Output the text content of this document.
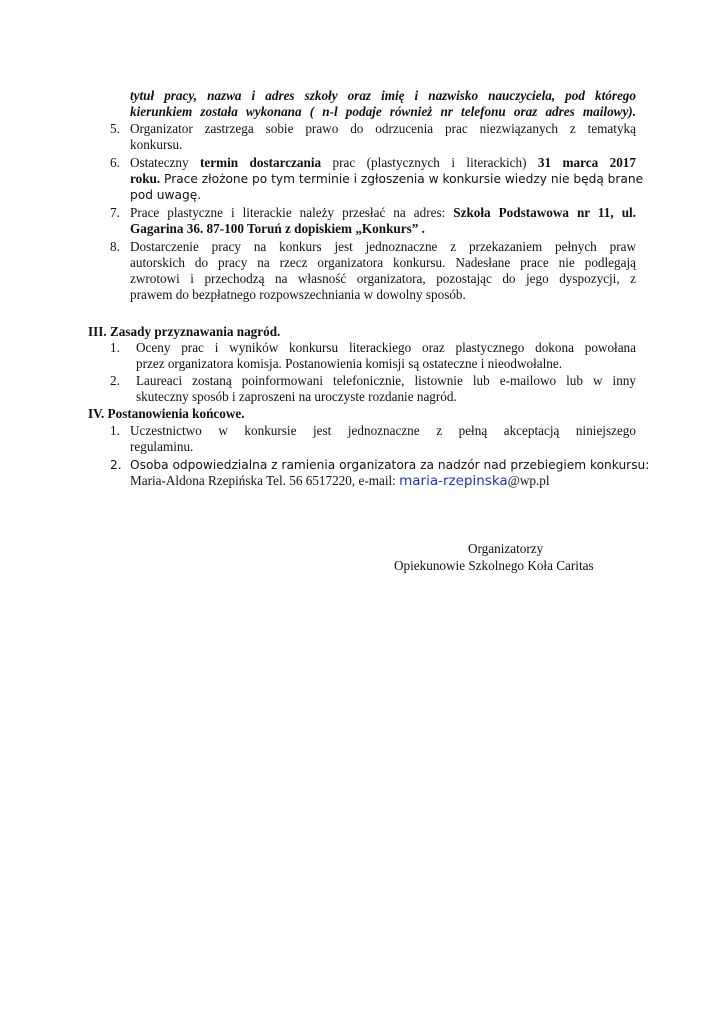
tytuł pracy, nazwa i adres szkoły oraz imię i nazwisko nauczyciela, pod którego
kierunkiem została wykonana ( n-l podaje również nr telefonu oraz adres mailowy).
5. Organizator zastrzega sobie prawo do odrzucenia prac niezwiązanych z tematyką
konkursu.
6. Ostateczny termin dostarczania prac (plastycznych i literackich) 31 marca 2017
roku. Prace złożone po tym terminie i zgłoszenia w konkursie wiedzy nie będą brane
pod uwagę.
7. Prace plastyczne i literackie należy przesłać na adres: Szkoła Podstawowa nr 11, ul.
Gagarina 36. 87-100 Toruń z dopiskiem „Konkurs” .
8. Dostarczenie pracy na konkurs jest jednoznaczne z przekazaniem pełnych praw
autorskich do pracy na rzecz organizatora konkursu. Nadesłane prace nie podlegają
zwrotowi i przechodzą na własność organizatora, pozostając do jego dyspozycji, z
prawem do bezpłatnego rozpowszechniania w dowolny sposób.
III. Zasady przyznawania nagród.
1. Oceny prac i wyników konkursu literackiego oraz plastycznego dokona powołana
przez organizatora komisja. Postanowienia komisji są ostateczne i nieodwołalne.
2. Laureaci zostaną poinformowani telefonicznie, listownie lub e-mailowo lub w inny
skuteczny sposób i zaproszeni na uroczyste rozdanie nagród.
IV. Postanowienia końcowe.
1. Uczestnictwo w konkursie jest jednoznaczne z pełną akceptacją niniejszego
regulaminu.
2. Osoba odpowiedzialna z ramienia organizatora za nadzór nad przebiegiem konkursu:
Maria-Aldona Rzepińska Tel. 56 6517220, e-mail: maria-rzepinska@wp.pl
Organizatorzy
Opiekunowie Szkolnego Koła Caritas
